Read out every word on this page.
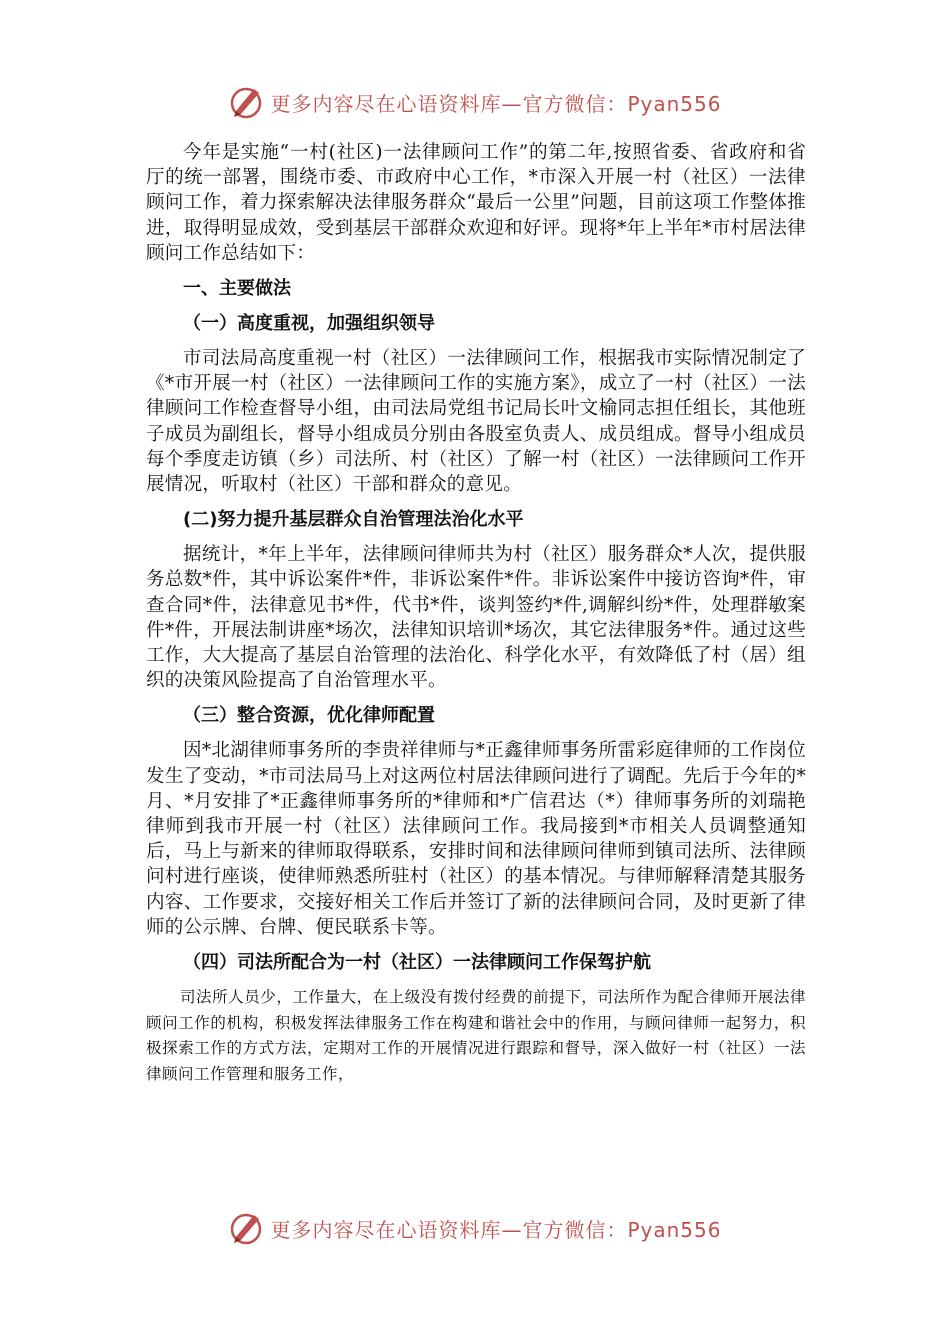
更多内容尽在心语资料库—官方微信：Pyan556

今年是实施“一村(社区)一法律顾问工作”的第二年,按照省委、省政府和省厅的统一部署，围绕市委、市政府中心工作，*市深入开展一村（社区）一法律顾问工作，着力探索解决法律服务群众“最后一公里”问题，目前这项工作整体推进，取得明显成效，受到基层干部群众欢迎和好评。现将*年上半年*市村居法律顾问工作总结如下：

一、主要做法
（一）高度重视，加强组织领导

市司法局高度重视一村（社区）一法律顾问工作，根据我市实际情况制定了《*市开展一村（社区）一法律顾问工作的实施方案》，成立了一村（社区）一法律顾问工作检查督导小组，由司法局党组书记局长叶文榆同志担任组长，其他班子成员为副组长，督导小组成员分别由各股室负责人、成员组成。督导小组成员每个季度走访镇（乡）司法所、村（社区）了解一村（社区）一法律顾问工作开展情况，听取村（社区）干部和群众的意见。

(二)努力提升基层群众自治管理法治化水平

据统计，*年上半年，法律顾问律师共为村（社区）服务群众*人次，提供服务总数*件，其中诉讼案件*件，非诉讼案件*件。非诉讼案件中接访咨询*件，审查合同*件，法律意见书*件，代书*件，谈判签约*件,调解纠纷*件，处理群敏案件*件，开展法制讲座*场次，法律知识培训*场次，其它法律服务*件。通过这些工作，大大提高了基层自治管理的法治化、科学化水平，有效降低了村（居）组织的决策风险提高了自治管理水平。

（三）整合资源，优化律师配置

因*北湖律师事务所的李贵祥律师与*正鑫律师事务所雷彩庭律师的工作岗位发生了变动，*市司法局马上对这两位村居法律顾问进行了调配。先后于今年的*月、*月安排了*正鑫律师事务所的*律师和*广信君达（*）律师事务所的刘瑞艳律师到我市开展一村（社区）法律顾问工作。我局接到*市相关人员调整通知后，马上与新来的律师取得联系，安排时间和法律顾问律师到镇司法所、法律顾问村进行座谈，使律师熟悉所驻村（社区）的基本情况。与律师解释清楚其服务内容、工作要求，交接好相关工作后并签订了新的法律顾问合同，及时更新了律师的公示牌、台牌、便民联系卡等。

（四）司法所配合为一村（社区）一法律顾问工作保驾护航

司法所人员少，工作量大，在上级没有拨付经费的前提下，司法所作为配合律师开展法律顾问工作的机构，积极发挥法律服务工作在构建和谐社会中的作用，与顾问律师一起努力，积极探索工作的方式方法，定期对工作的开展情况进行跟踪和督导，深入做好一村（社区）一法律顾问工作管理和服务工作，

更多内容尽在心语资料库—官方微信：Pyan556
